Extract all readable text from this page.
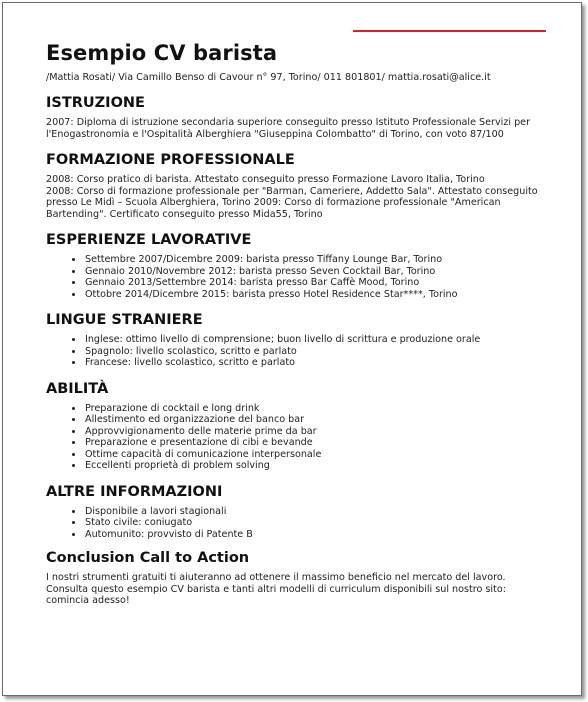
Esempio CV barista
/Mattia Rosati/ Via Camillo Benso di Cavour n° 97, Torino/ 011 801801/ mattia.rosati@alice.it
ISTRUZIONE

2007: Diploma di istruzione secondaria superiore conseguito presso Istituto Professionale Servizi per l'Enogastronomia e l'Ospitalità Alberghiera "Giuseppina Colombatto" di Torino, con voto 87/100

FORMAZIONE PROFESSIONALE

2008: Corso pratico di barista. Attestato conseguito presso Formazione Lavoro Italia, Torino

2008: Corso di formazione professionale per "Barman, Cameriere, Addetto Sala". Attestato conseguito presso Le Midì – Scuola Alberghiera, Torino 2009: Corso di formazione professionale "American Bartending". Certificato conseguito presso Mida55, Torino

ESPERIENZE LAVORATIVE
• Settembre 2007/Dicembre 2009: barista presso Tiffany Lounge Bar, Torino
• Gennaio 2010/Novembre 2012: barista presso Seven Cocktail Bar, Torino
• Gennaio 2013/Settembre 2014: barista presso Bar Caffè Mood, Torino
• Ottobre 2014/Dicembre 2015: barista presso Hotel Residence Star****, Torino
LINGUE STRANIERE
• Inglese: ottimo livello di comprensione; buon livello di scrittura e produzione orale
• Spagnolo: livello scolastico, scritto e parlato
• Francese: livello scolastico, scritto e parlato
ABILITÀ
• Preparazione di cocktail e long drink
• Allestimento ed organizzazione del banco bar
• Approvvigionamento delle materie prime da bar
• Preparazione e presentazione di cibi e bevande
• Ottime capacità di comunicazione interpersonale
• Eccellenti proprietà di problem solving
ALTRE INFORMAZIONI
• Disponibile a lavori stagionali
• Stato civile: coniugato
• Automunito: provvisto di Patente B
Conclusion Call to Action

I nostri strumenti gratuiti ti aiuteranno ad ottenere il massimo beneficio nel mercato del lavoro. Consulta questo esempio CV barista e tanti altri modelli di curriculum disponibili sul nostro sito: comincia adesso!
